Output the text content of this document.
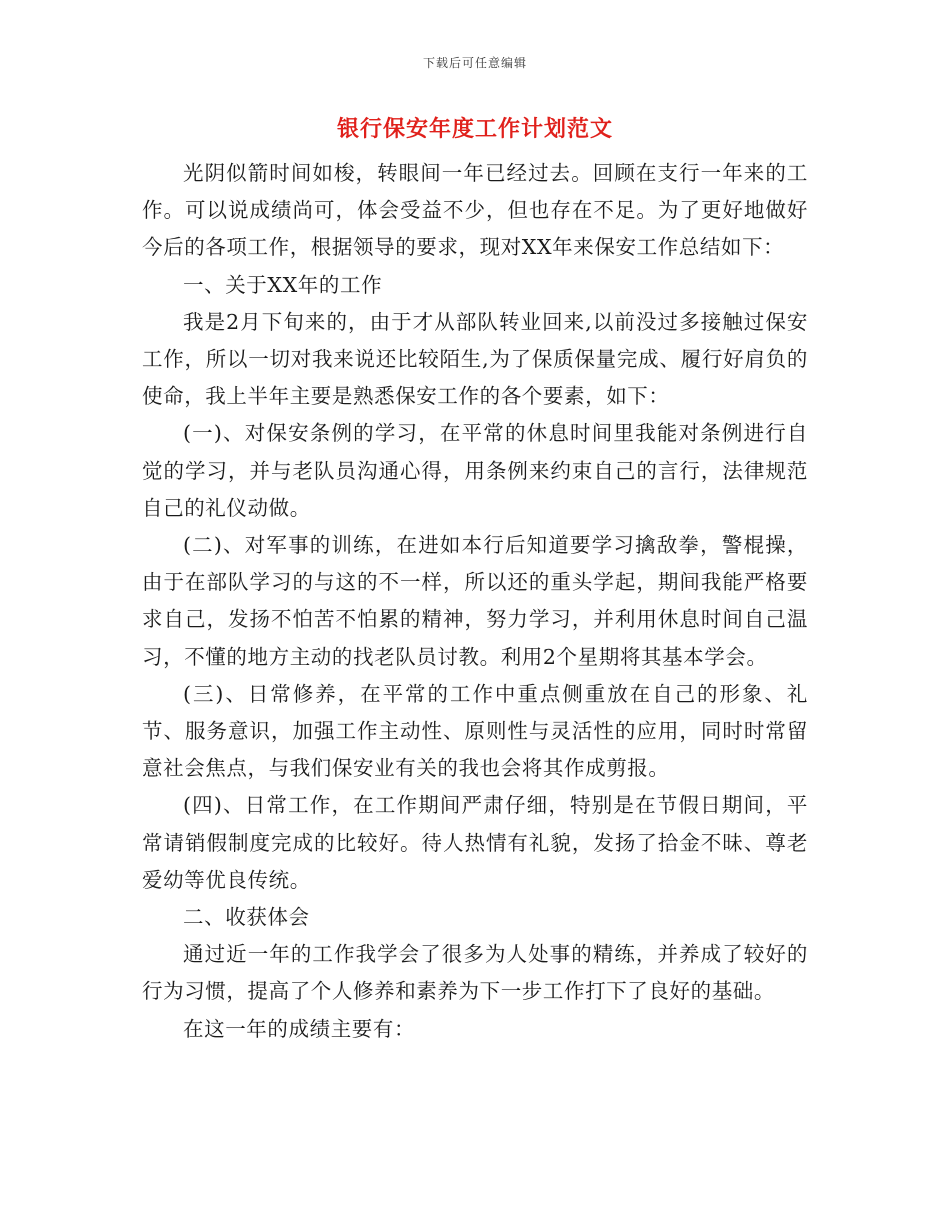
下载后可任意编辑
银行保安年度工作计划范文

光阴似箭时间如梭，转眼间一年已经过去。回顾在支行一年来的工作。可以说成绩尚可，体会受益不少，但也存在不足。为了更好地做好今后的各项工作，根据领导的要求，现对XX年来保安工作总结如下：

一、关于XX年的工作

我是2月下旬来的，由于才从部队转业回来,以前没过多接触过保安工作，所以一切对我来说还比较陌生,为了保质保量完成、履行好肩负的使命，我上半年主要是熟悉保安工作的各个要素，如下：

(一)、对保安条例的学习，在平常的休息时间里我能对条例进行自觉的学习，并与老队员沟通心得，用条例来约束自己的言行，法律规范自己的礼仪动做。

(二)、对军事的训练，在进如本行后知道要学习擒敌拳，警棍操，由于在部队学习的与这的不一样，所以还的重头学起，期间我能严格要求自己，发扬不怕苦不怕累的精神，努力学习，并利用休息时间自己温习，不懂的地方主动的找老队员讨教。利用2个星期将其基本学会。

(三)、日常修养，在平常的工作中重点侧重放在自己的形象、礼节、服务意识，加强工作主动性、原则性与灵活性的应用，同时时常留意社会焦点，与我们保安业有关的我也会将其作成剪报。

(四)、日常工作，在工作期间严肃仔细，特别是在节假日期间，平常请销假制度完成的比较好。待人热情有礼貌，发扬了拾金不昧、尊老爱幼等优良传统。

二、收获体会

通过近一年的工作我学会了很多为人处事的精练，并养成了较好的行为习惯，提高了个人修养和素养为下一步工作打下了良好的基础。

在这一年的成绩主要有：
